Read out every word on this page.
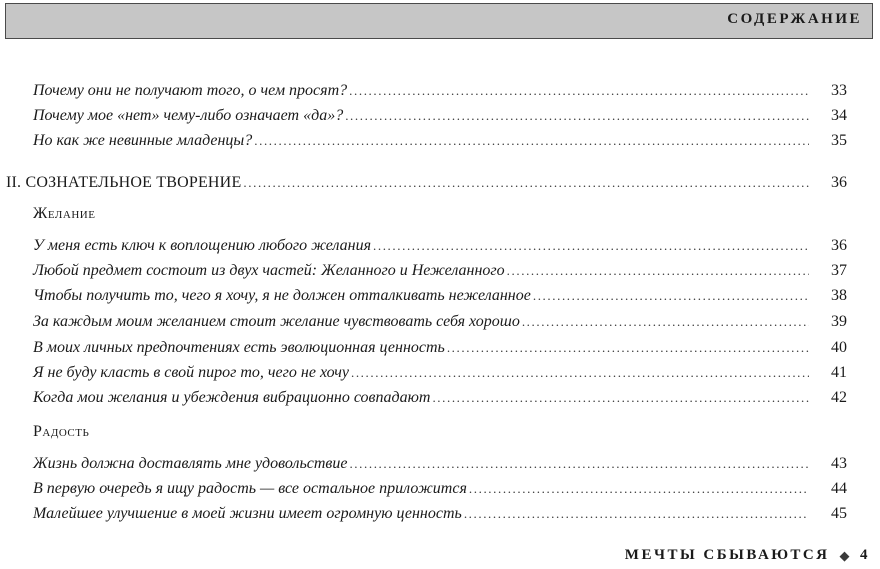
СОДЕРЖАНИЕ
Почему они не получают того, о чем просят? .....	33
Почему мое «нет» чему-либо означает «да»? .....	34
Но как же невинные младенцы? .....	35
II. СОЗНАТЕЛЬНОЕ ТВОРЕНИЕ .....	36
Желание
У меня есть ключ к воплощению любого желания .....	36
Любой предмет состоит из двух частей: Желанного и Нежеланного .....	37
Чтобы получить то, чего я хочу, я не должен отталкивать нежеланное .....	38
За каждым моим желанием стоит желание чувствовать себя хорошо .....	39
В моих личных предпочтениях есть эволюционная ценность .....	40
Я не буду класть в свой пирог то, чего не хочу .....	41
Когда мои желания и убеждения вибрационно совпадают .....	42
Радость
Жизнь должна доставлять мне удовольствие .....	43
В первую очередь я ищу радость — все остальное приложится .....	44
Малейшее улучшение в моей жизни имеет огромную ценность .....	45
МЕЧТЫ СБЫВАЮТСЯ ◆ 4
